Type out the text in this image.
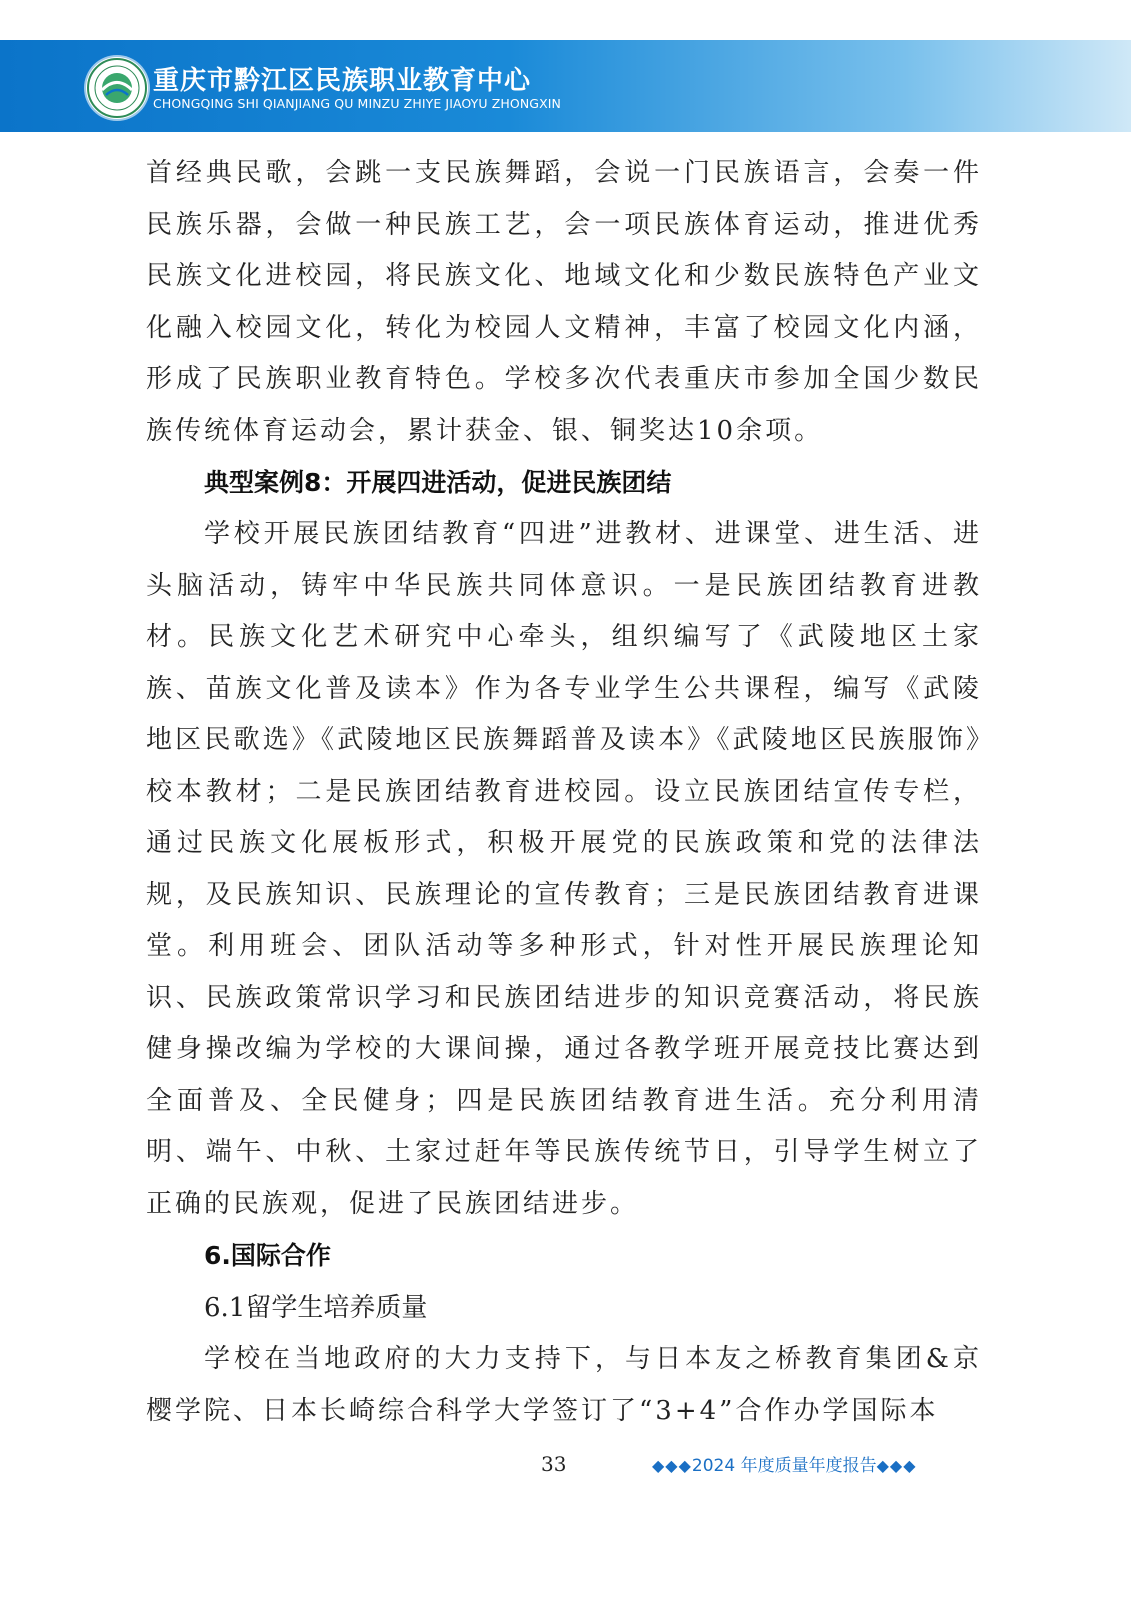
重庆市黔江区民族职业教育中心
CHONGQING SHI QIANJIANG QU MINZU ZHIYE JIAOYU ZHONGXIN

首经典民歌，会跳一支民族舞蹈，会说一门民族语言，会奏一件民族乐器，会做一种民族工艺，会一项民族体育运动，推进优秀民族文化进校园，将民族文化、地域文化和少数民族特色产业文化融入校园文化，转化为校园人文精神，丰富了校园文化内涵，形成了民族职业教育特色。学校多次代表重庆市参加全国少数民族传统体育运动会，累计获金、银、铜奖达10余项。

典型案例8：开展四进活动，促进民族团结

学校开展民族团结教育“四进”进教材、进课堂、进生活、进头脑活动，铸牢中华民族共同体意识。一是民族团结教育进教材。民族文化艺术研究中心牵头，组织编写了《武陵地区土家族、苗族文化普及读本》作为各专业学生公共课程，编写《武陵地区民歌选》《武陵地区民族舞蹈普及读本》《武陵地区民族服饰》校本教材；二是民族团结教育进校园。设立民族团结宣传专栏，通过民族文化展板形式，积极开展党的民族政策和党的法律法规，及民族知识、民族理论的宣传教育；三是民族团结教育进课堂。利用班会、团队活动等多种形式，针对性开展民族理论知识、民族政策常识学习和民族团结进步的知识竞赛活动，将民族健身操改编为学校的大课间操，通过各教学班开展竞技比赛达到全面普及、全民健身；四是民族团结教育进生活。充分利用清明、端午、中秋、土家过赶年等民族传统节日，引导学生树立了正确的民族观，促进了民族团结进步。

6.国际合作

6.1留学生培养质量

学校在当地政府的大力支持下，与日本友之桥教育集团&京樱学院、日本长崎综合科学大学签订了“3+4”合作办学国际本

33	◆◆◆2024 年度质量年度报告◆◆◆
